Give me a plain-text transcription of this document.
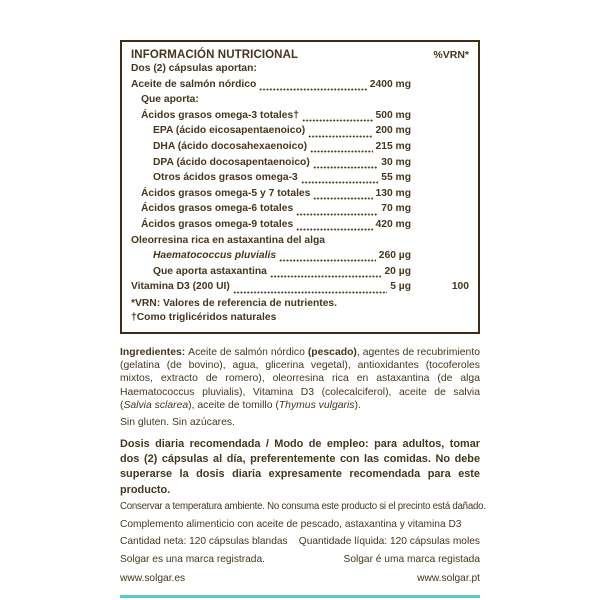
INFORMACIÓN NUTRICIONAL	%VRN*
Dos (2) cápsulas aportan:
Aceite de salmón nórdico	2400 mg
Que aporta:
Ácidos grasos omega-3 totales†	500 mg
EPA (ácido eicosapentaenoico)	200 mg
DHA (ácido docosahexaenoico)	215 mg
DPA (ácido docosapentaenoico)	30 mg
Otros ácidos grasos omega-3	55 mg
Ácidos grasos omega-5 y 7 totales	130 mg
Ácidos grasos omega-6 totales	70 mg
Ácidos grasos omega-9 totales	420 mg
Oleorresina rica en astaxantina del alga
Haematococcus pluvialis	260 µg
Que aporta astaxantina	20 µg
Vitamina D3 (200 UI)	5 µg	100
*VRN: Valores de referencia de nutrientes.
†Como triglicéridos naturales
Ingredientes: Aceite de salmón nórdico (pescado), agentes de recubrimiento (gelatina (de bovino), agua, glicerina vegetal), antioxidantes (tocoferoles mixtos, extracto de romero), oleorresina rica en astaxantina (de alga Haematococcus pluvialis), Vitamina D3 (colecalciferol), aceite de salvia (Salvia sclarea), aceite de tomillo (Thymus vulgaris).
Sin gluten. Sin azúcares.
Dosis diaria recomendada / Modo de empleo: para adultos, tomar dos (2) cápsulas al día, preferentemente con las comidas. No debe superarse la dosis diaria expresamente recomendada para este producto.
Conservar a temperatura ambiente. No consuma este producto si el precinto está dañado.
Complemento alimenticio con aceite de pescado, astaxantina y vitamina D3
Cantidad neta: 120 cápsulas blandas Quantidade líquida: 120 cápsulas moles
Solgar es una marca registrada.	Solgar é uma marca registada
www.solgar.es	www.solgar.pt
